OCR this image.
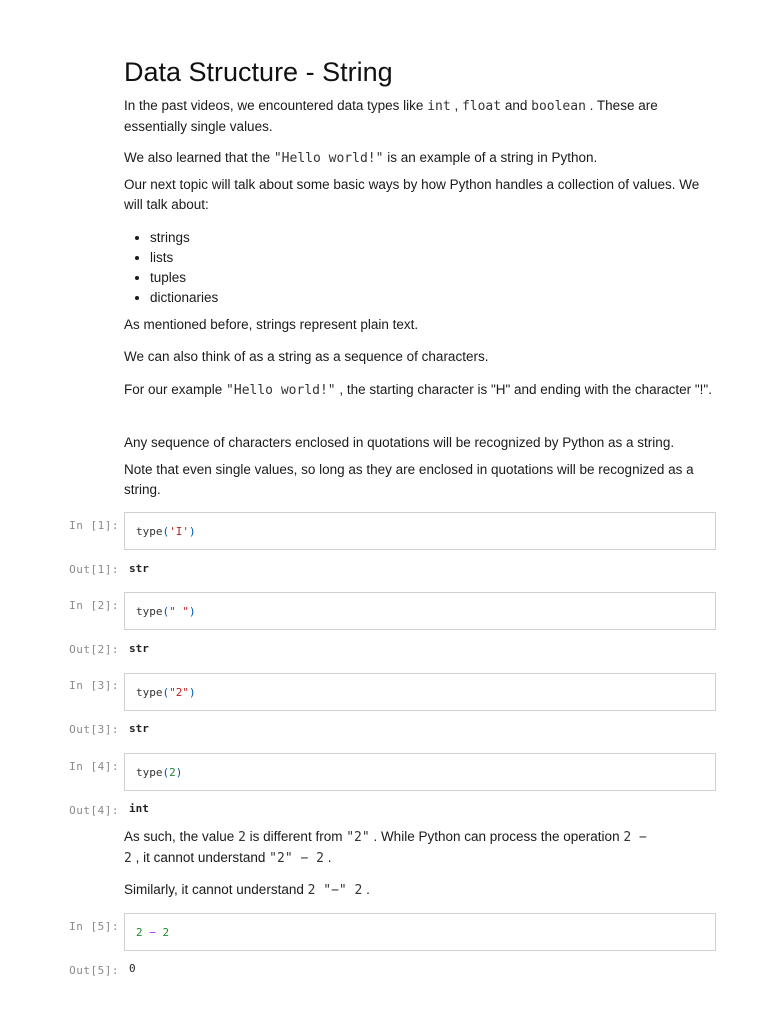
Data Structure - String

In the past videos, we encountered data types like int , float and boolean . These are essentially single values.

We also learned that the "Hello world!" is an example of a string in Python.

Our next topic will talk about some basic ways by how Python handles a collection of values. We will talk about:

• strings
• lists
• tuples
• dictionaries

As mentioned before, strings represent plain text.

We can also think of as a string as a sequence of characters.

For our example "Hello world!" , the starting character is "H" and ending with the character "!".

Any sequence of characters enclosed in quotations will be recognized by Python as a string.

Note that even single values, so long as they are enclosed in quotations will be recognized as a string.

In [1]: type('I')
Out[1]: str
In [2]: type(" ")
Out[2]: str
In [3]:
type("2")
Out[3]: str
In [4]: type(2)
Out[4]: int

As such, the value 2 is different from "2" . While Python can process the operation 2 −
2 , it cannot understand "2" − 2 .

Similarly, it cannot understand 2 "−" 2 .

In [5]: 2 − 2
Out[5]: 0
